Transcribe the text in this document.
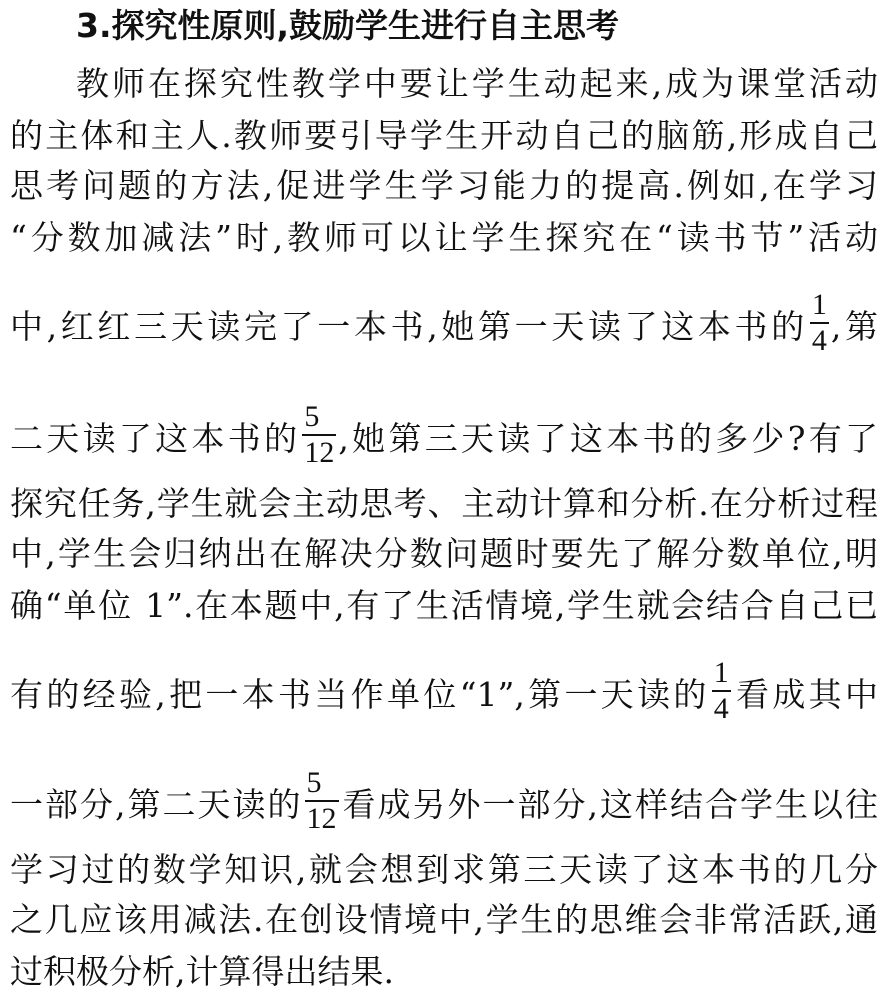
3.探究性原则,鼓励学生进行自主思考
教师在探究性教学中要让学生动起来,成为课堂活动
的主体和主人.教师要引导学生开动自己的脑筋,形成自己
思考问题的方法,促进学生学习能力的提高.例如,在学习
“分数加减法”时,教师可以让学生探究在“读书节”活动
中,红红三天读完了一本书,她第一天读了这本书的 $\frac{1}{4}$ ,第
二天读了这本书的 $\frac{5}{12}$ ,她第三天读了这本书的多少?有了
探究任务,学生就会主动思考、主动计算和分析.在分析过程
中,学生会归纳出在解决分数问题时要先了解分数单位,明
确“单位 1”.在本题中,有了生活情境,学生就会结合自己已
有的经验,把一本书当作单位“1”,第一天读的 $\frac{1}{4}$ 看成其中
一部分,第二天读的 $\frac{5}{12}$ 看成另外一部分,这样结合学生以往
学习过的数学知识,就会想到求第三天读了这本书的几分
之几应该用减法.在创设情境中,学生的思维会非常活跃,通
过积极分析,计算得出结果.
